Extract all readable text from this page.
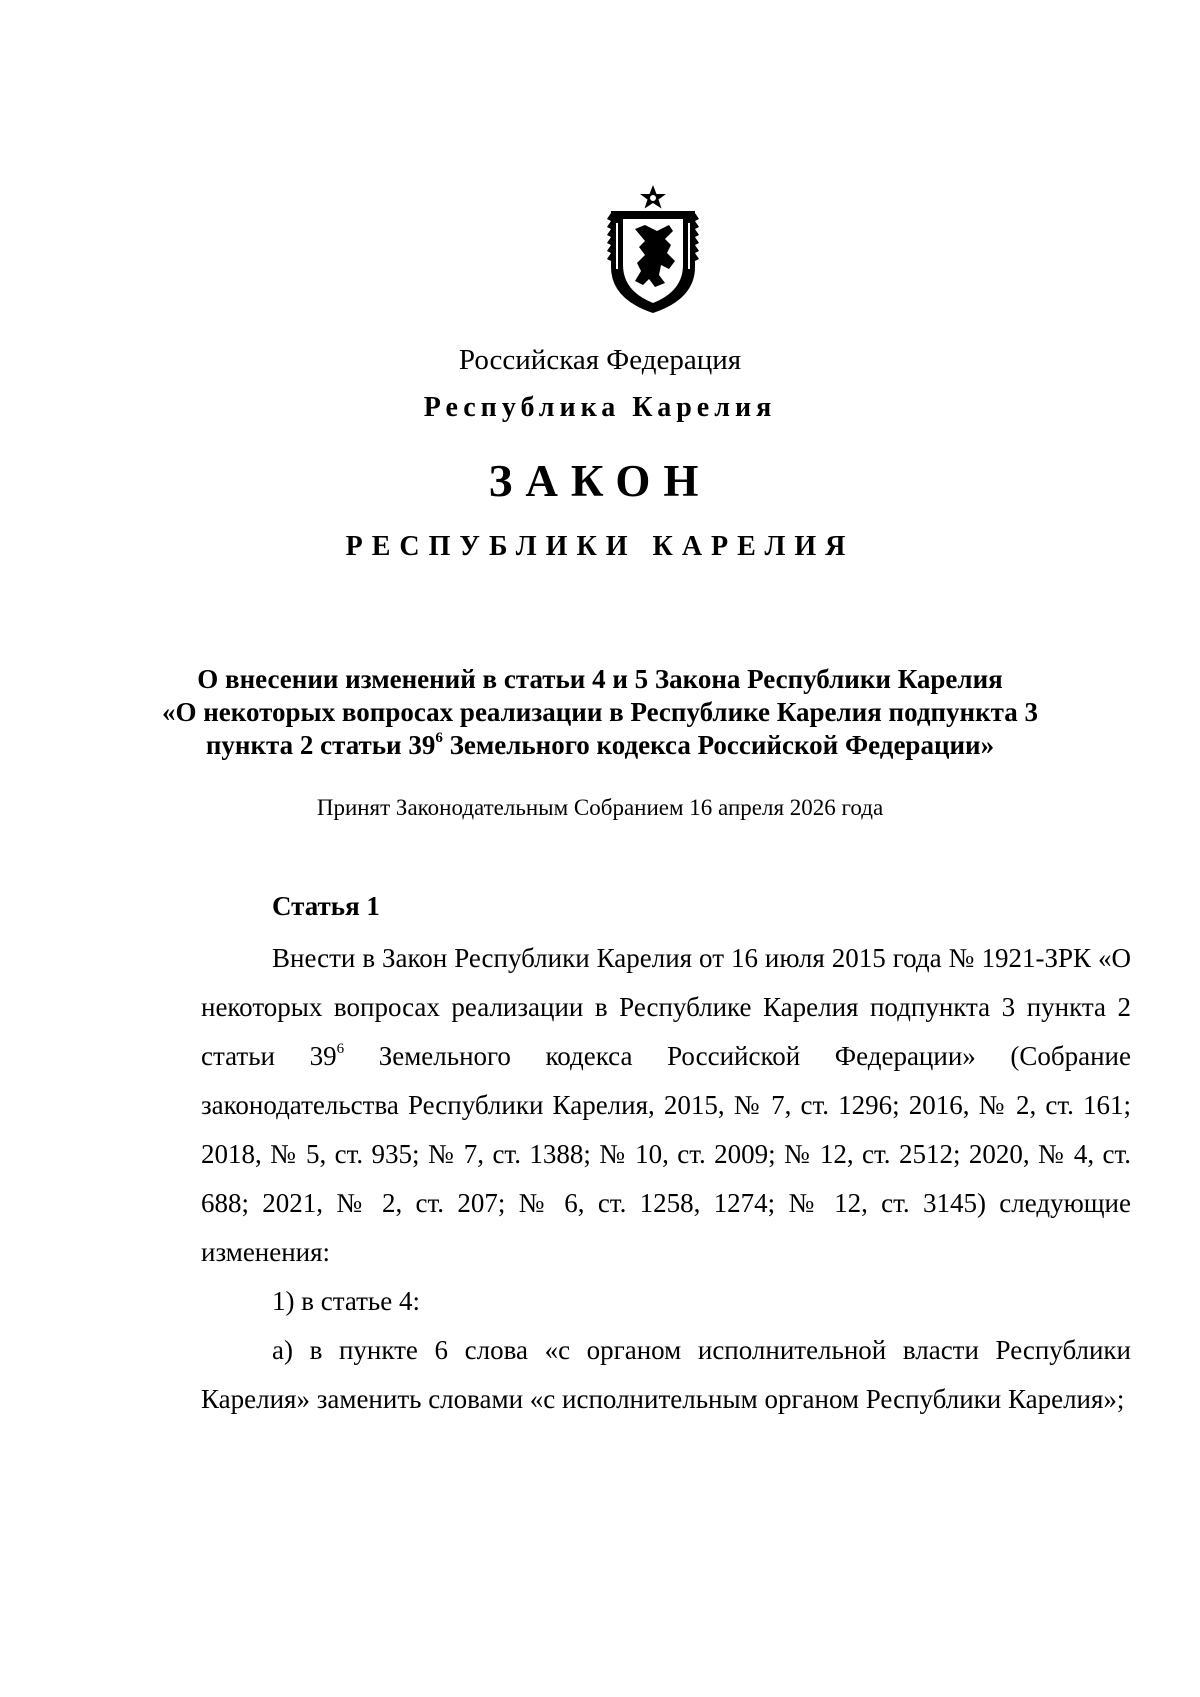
Российская Федерация
Республика Карелия
ЗАКОН
РЕСПУБЛИКИ КАРЕЛИЯ
О внесении изменений в статьи 4 и 5 Закона Республики Карелия
«О некоторых вопросах реализации в Республике Карелия подпункта 3
пункта 2 статьи $39^6$ Земельного кодекса Российской Федерации»
Принят Законодательным Собранием 16 апреля 2026 года
Статья 1

Внести в Закон Республики Карелия от 16 июля 2015 года № 1921-ЗРК «О некоторых вопросах реализации в Республике Карелия подпункта 3 пункта 2 статьи $39^6$ Земельного кодекса Российской Федерации» (Собрание законодательства Республики Карелия, 2015, № 7, ст. 1296; 2016, № 2, ст. 161; 2018, № 5, ст. 935; № 7, ст. 1388; № 10, ст. 2009; № 12, ст. 2512; 2020, № 4, ст. 688; 2021, № 2, ст. 207; № 6, ст. 1258, 1274; № 12, ст. 3145) следующие изменения:

1) в статье 4:

а) в пункте 6 слова «с органом исполнительной власти Республики Карелия» заменить словами «с исполнительным органом Республики Карелия»;
